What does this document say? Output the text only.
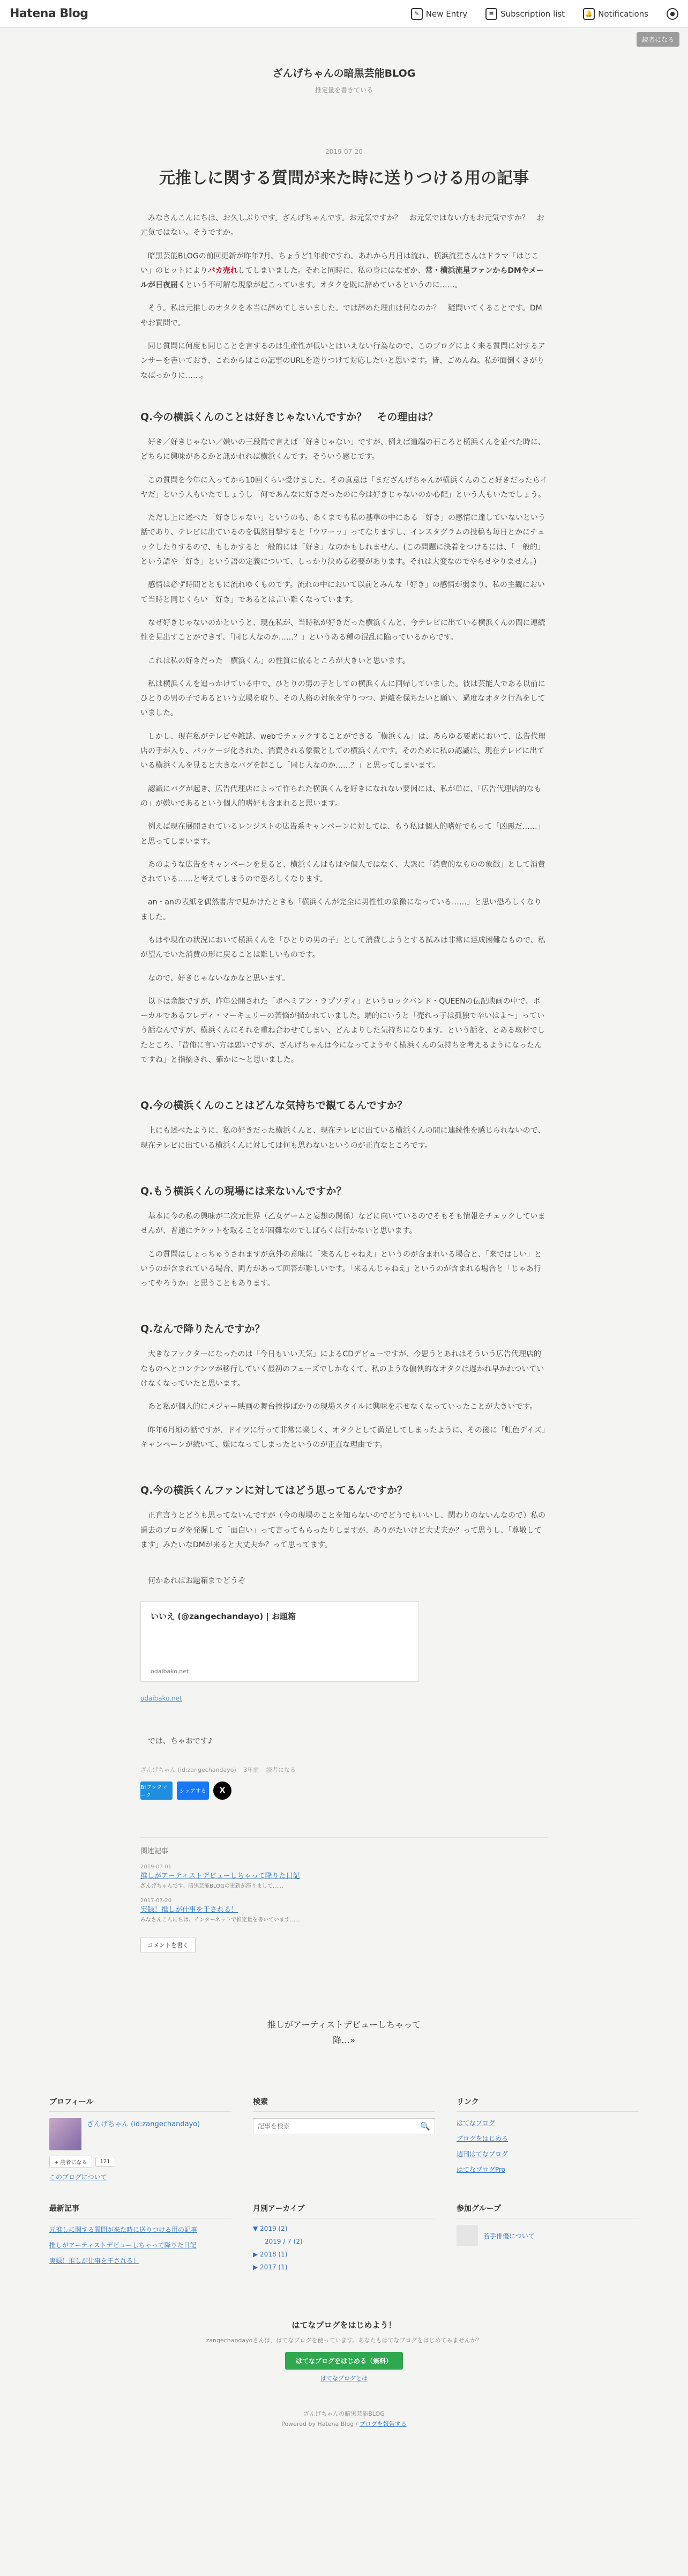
Hatena Blog	✎ New Entry	≡ Subscription list	🔔 Notifications	●
読者になる
ざんげちゃんの暗黒芸能BLOG
推定量を書きている
2019-07-20
元推しに関する質問が来た時に送りつける用の記事

みなさんこんにちは、お久しぶりです。ざんげちゃんです。お元気ですか？　お元気ではない方もお元気ですか？　お元気ではない。そうですか。

暗黒芸能BLOGの前回更新が昨年7月。ちょうど1年前ですね。あれから月日は流れ、横浜流星さんはドラマ「はじこい」のヒットによりバカ売れしてしまいました。それと同時に、私の身にはなぜか、常・横浜流星ファンからDMやメールが日夜届くという不可解な現象が起こっています。オタクを既に辞めているというのに……。

そう。私は元推しのオタクを本当に辞めてしまいました。では辞めた理由は何なのか？　疑問いてくることです。DMやお質問で。

同じ質問に何度も同じことを言するのは生産性が低いとはいえない行為なので、このブログによく来る質問に対するアンサーを書いておき、これからはこの記事のURLを送りつけて対応したいと思います。皆、ごめんね。私が面倒くさがりなばっかりに……。

Q.今の横浜くんのことは好きじゃないんですか？　その理由は？

好き／好きじゃない／嫌いの三段階で言えば「好きじゃない」ですが、例えば道端の石ころと横浜くんを並べた時に、どちらに興味があるかと訊かれれば横浜くんです。そういう感じです。

この質問を今年に入ってから10回くらい受けました。その真意は「まだざんげちゃんが横浜くんのこと好きだったらイヤだ」という人もいたでしょうし「何であんなに好きだったのに今は好きじゃないのか心配」という人もいたでしょう。

ただし上に述べた「好きじゃない」というのも、あくまでも私の基準の中にある「好き」の感情に達していないという話であり、テレビに出ているのを偶然目撃すると「ウワーッ」ってなりますし、インスタグラムの投稿も毎日とかにチェックしたりするので、もしかすると一般的には「好き」なのかもしれません。(この問題に決着をつけるには、「一般的」という語や「好き」という語の定義について、しっかり決める必要があります。それは大変なのでやらせやりません。)

感情は必ず時間とともに流れゆくものです。流れの中において以前とみんな「好き」の感情が弱まり、私の主観において当時と同じくらい「好き」であるとは言い難くなっています。

なぜ好きじゃないのかというと、現在私が、当時私が好きだった横浜くんと、今テレビに出ている横浜くんの間に連続性を見出すことができず、「同じ人なのか……？」というある種の混乱に陥っているからです。

これは私の好きだった「横浜くん」の性質に依るところが大きいと思います。

私は横浜くんを追っかけている中で、ひとりの男の子としての横浜くんに回帰していました。彼は芸能人である以前にひとりの男の子であるという立場を取り、その人格の対象を守りつつ、距離を保ちたいと願い、過度なオタク行為をしていました。

しかし、現在私がテレビや雑誌、webでチェックすることができる「横浜くん」は、あらゆる要素において、広告代理店の手が入り、パッケージ化された、消費される象徴としての横浜くんです。そのために私の認識は、現在テレビに出ている横浜くんを見ると大きなバグを起こし「同じ人なのか……？」と思ってしまいます。

認識にバグが起き、広告代理店によって作られた横浜くんを好きになれない要因には、私が単に、「広告代理店的なもの」が嫌いであるという個人的嗜好も含まれると思います。

例えば現在展開されているレンジストの広告系キャンペーンに対しては、もう私は個人的嗜好でもって「凶悪だ……」と思ってしまいます。

あのような広告をキャンペーンを見ると、横浜くんはもはや個人ではなく、大衆に「消費的なものの象徴」として消費されている……と考えてしまうので恐ろしくなります。

an・anの表紙を偶然書店で見かけたときも「横浜くんが完全に男性性の象徴になっている……」と思い恐ろしくなりました。

もはや現在の状況において横浜くんを「ひとりの男の子」として消費しようとする試みは非常に達成困難なもので、私が望んでいた消費の形に戻ることは難しいものです。

なので、好きじゃないなかなと思います。

以下は余談ですが、昨年公開された「ボヘミアン・ラプソディ」というロックバンド・QUEENの伝記映画の中で、ボーカルであるフレディ・マーキュリーの苦悩が描かれていました。端的にいうと「売れっ子は孤独で辛いはよ〜」っていう話なんですが、横浜くんにそれを重ね合わせてしまい、どんよりした気持ちになります。という話を、とある取材でしたところ、「昔俺に言い方は悪いですが、ざんげちゃんは今になってようやく横浜くんの気持ちを考えるようになったんですね」と指摘され、確かに〜と思いました。

Q.今の横浜くんのことはどんな気持ちで観てるんですか？

上にも述べたように、私の好きだった横浜くんと、現在テレビに出ている横浜くんの間に連続性を感じられないので、現在テレビに出ている横浜くんに対しては何も思わないというのが正直なところです。

Q.もう横浜くんの現場には来ないんですか？

基本に今の私の興味が二次元世界（乙女ゲームと妄想の関係）などに向いているのでそもそも情報をチェックしていませんが、普通にチケットを取ることが困難なのでしばらくは行かないと思います。

この質問はしょっちゅうされますが意外の意味に「来るんじゃねえ」というのが含まれいる場合と、「来ではしい」というのが含まれている場合、両方があって回答が難しいです。「来るんじゃねえ」というのが含まれる場合と「じゃあ行ってやろうか」と思うこともあります。

Q.なんで降りたんですか？

大きなファクターになったのは「今日もいい天気」によるCDデビューですが、今思うとあれはそういう広告代理店的なものへとコンテンツが移行していく最初のフェーズでしかなくて、私のような偏執的なオタクは遅かれ早かれついていけなくなっていたと思います。

あと私が個人的にメジャー映画の舞台挨拶ばかりの現場スタイルに興味を示せなくなっていったことが大きいです。

昨年6月頃の話ですが、ドイツに行って非常に楽しく、オタクとして満足してしまったように、その後に「虹色デイズ」キャンペーンが続いて、嫌になってしまったというのが正直な理由です。

Q.今の横浜くんファンに対してはどう思ってるんですか？

正直言うとどうも思ってないんですが（今の現場のことを知らないのでどうでもいいし、関わりのないんなので）私の過去のブログを発掘して「面白い」って言ってもらったりしますが、ありがたいけど大丈夫か？って思うし、「尊敬してます」みたいなDMが来ると大丈夫か？って思ってます。

何かあればお題箱までどうぞ

いいえ (@zangechandayo) | お題箱
odaibako.net
odaibako.net

では、ちゃおです♪

ざんげちゃん (id:zangechandayo) 3年前 読者になる
B!ブックマーク
シェアする X
関連記事
2019-07-01
推しがアーティストデビューしちゃって降りた日記
ざんげちゃんです。暗黒芸能BLOGの更新が滞りまして……
2017-07-20
実録！推しが仕事を干される！
みなさんこんにちは。インターネットで推定量を書いています……
コメントを書く
推しがアーティストデビューしちゃって
降…»
プロフィール
ざんげちゃん (id:zangechandayo)
+ 読者になる	121
このブログについて
検索
記事を検索
🔍
リンク
はてなブログ
ブログをはじめる
週刊はてなブログ
はてなブログPro
最新記事
元推しに関する質問が来た時に送りつける用の記事
推しがアーティストデビューしちゃって降りた日記
実録！推しが仕事を干される！
月別アーカイブ
▼ 2019 (2)
2019 / 7 (2)
▶ 2018 (1)
▶ 2017 (1)
参加グループ
若手俳優について
はてなブログをはじめよう！
zangechandayoさんは、はてなブログを使っています。あなたもはてなブログをはじめてみませんか？
はてなブログをはじめる（無料）
はてなブログとは
ざんげちゃんの暗黒芸能BLOG
Powered by Hatena Blog / ブログを報告する
